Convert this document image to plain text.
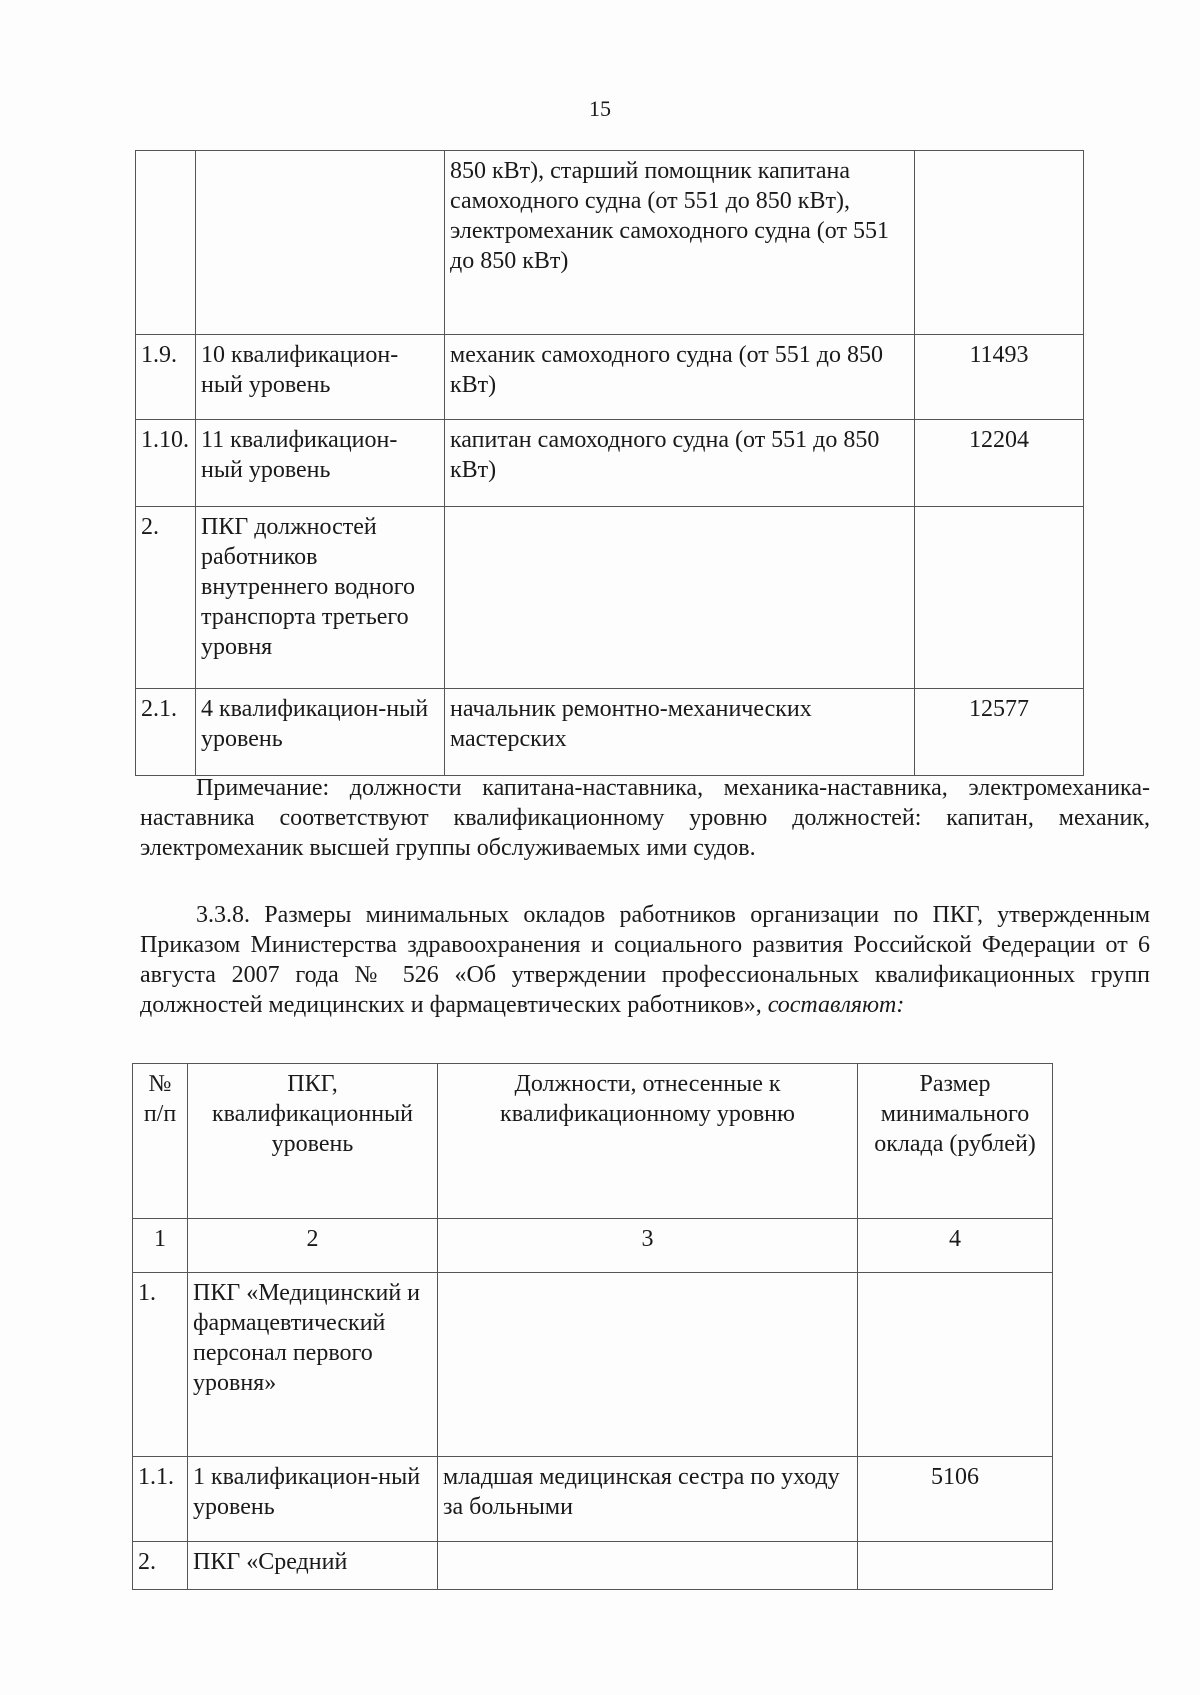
15
		850 кВт), старший помощник капитана самоходного судна (от 551 до 850 кВт), электромеханик самоходного судна (от 551 до 850 кВт)	
1.9.	10 квалификацион-ный уровень	механик самоходного судна (от 551 до 850 кВт)	11493
1.10.	11 квалификацион-ный уровень	капитан самоходного судна (от 551 до 850 кВт)	12204
2.	ПКГ должностей работников внутреннего водного транспорта третьего уровня		
2.1.	4 квалификацион-ный уровень	начальник ремонтно-механических мастерских	12577
Примечание: должности капитана-наставника, механика-наставника, электромеханика-наставника соответствуют квалификационному уровню должностей: капитан, механик, электромеханик высшей группы обслуживаемых ими судов.
3.3.8. Размеры минимальных окладов работников организации по ПКГ, утвержденным Приказом Министерства здравоохранения и социального развития Российской Федерации от 6 августа 2007 года № 526 «Об утверждении профессиональных квалификационных групп должностей медицинских и фармацевтических работников», составляют:
№ п/п	ПКГ, квалификационный уровень	Должности, отнесенные к квалификационному уровню	Размер минимального оклада (рублей)
1	2	3	4
1.	ПКГ «Медицинский и фармацевтический персонал первого уровня»		
1.1.	1 квалификацион-ный уровень	младшая медицинская сестра по уходу за больными	5106
2.	ПКГ «Средний		
